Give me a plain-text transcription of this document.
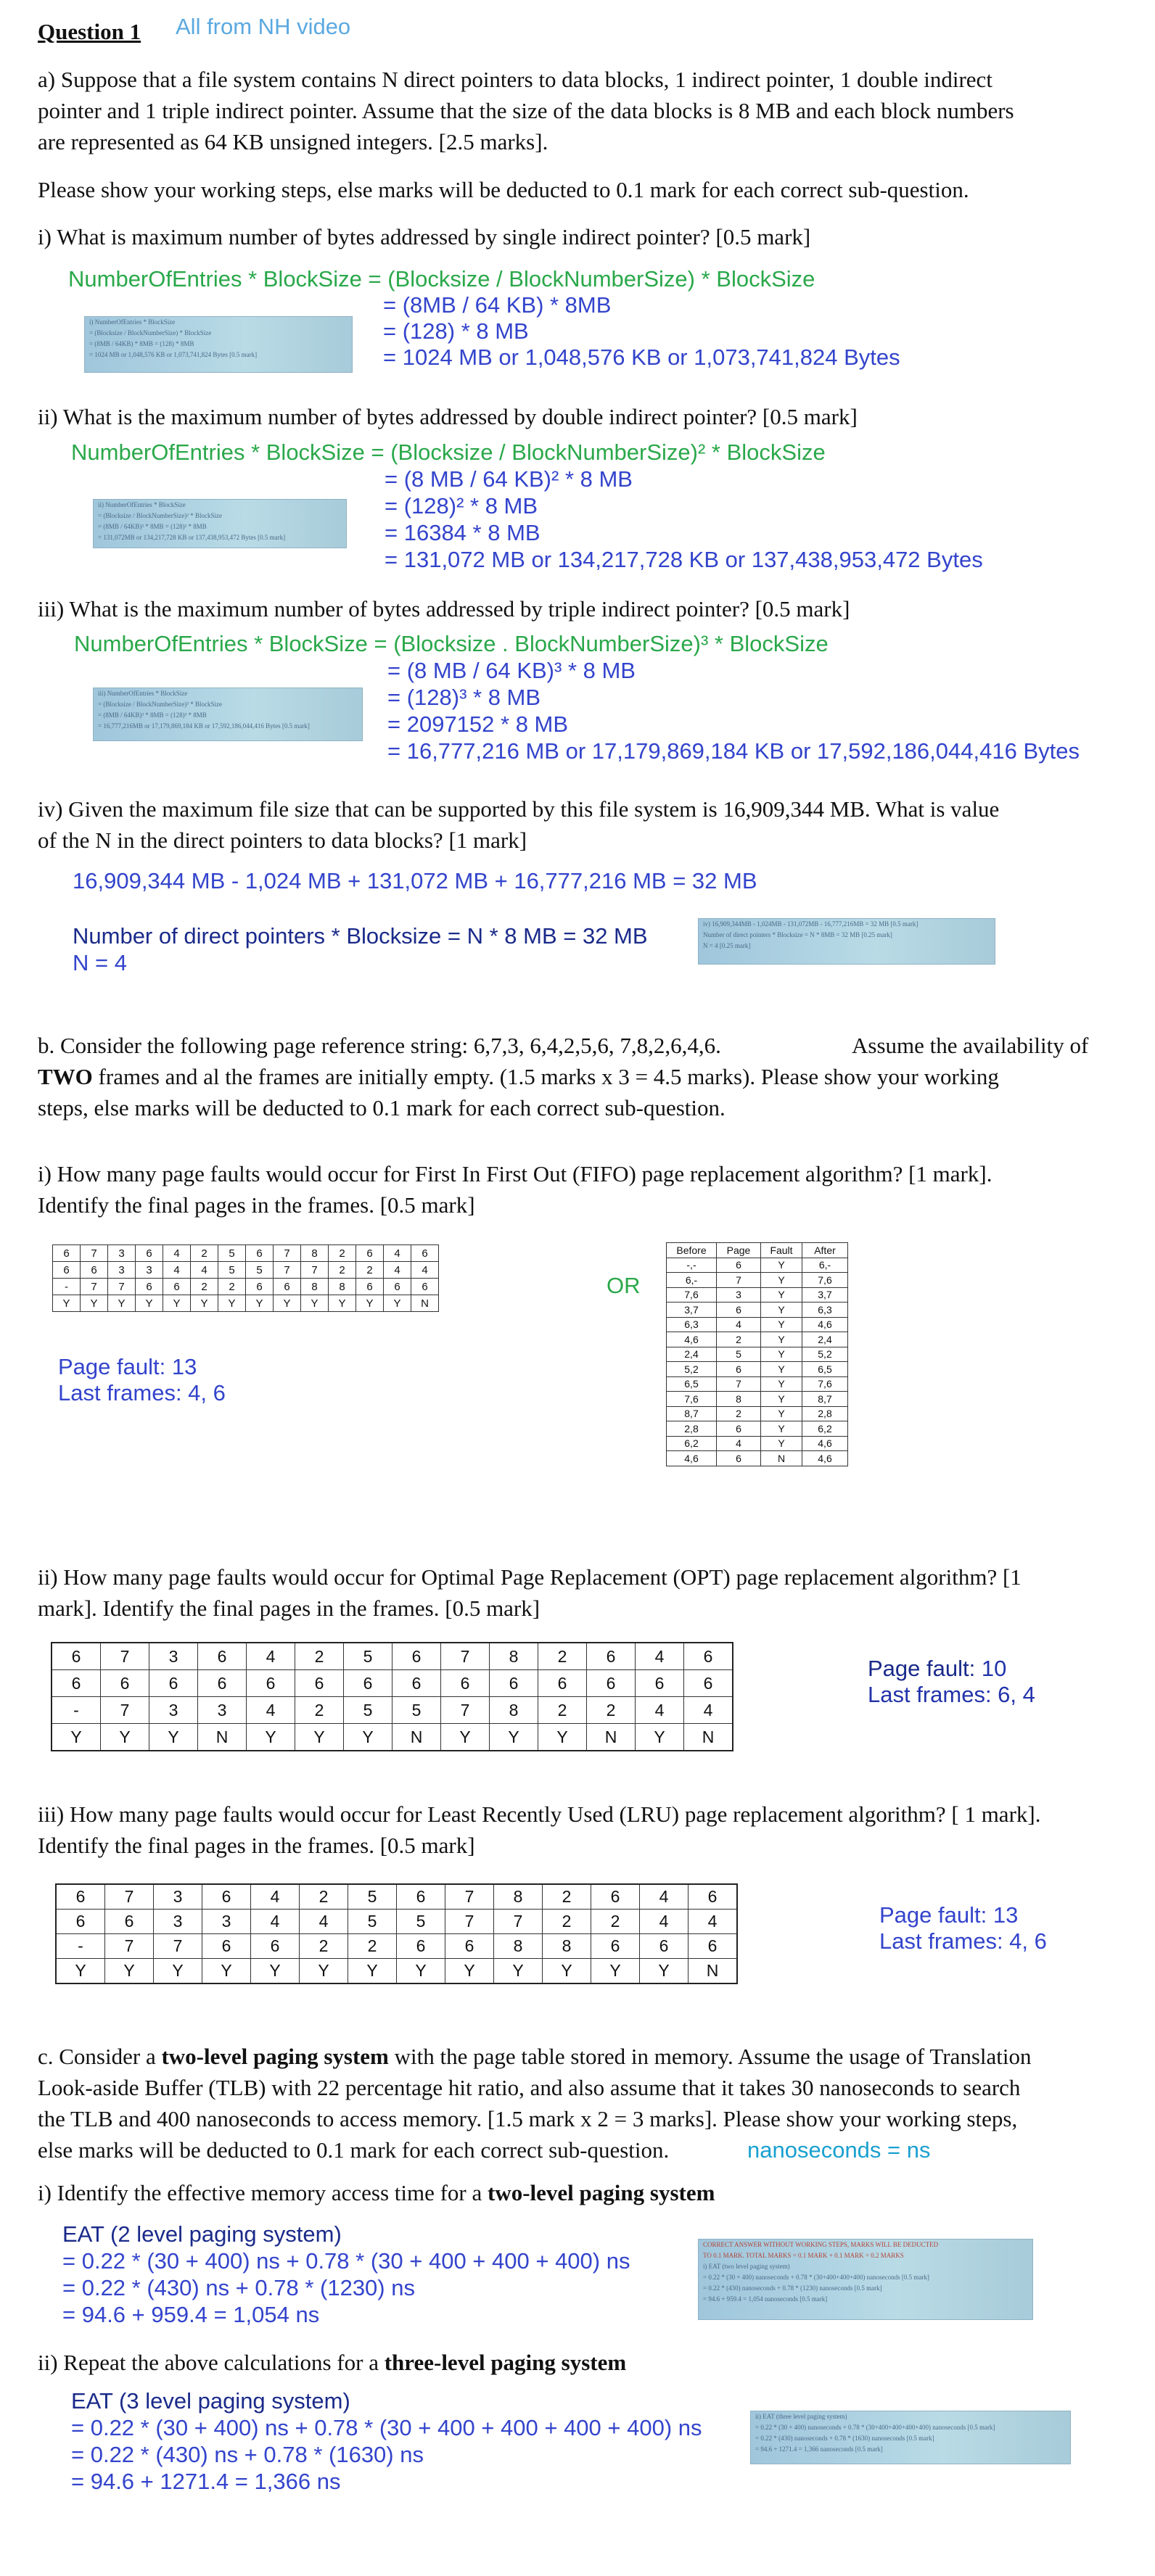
Question 1 All from NH video
a) Suppose that a file system contains N direct pointers to data blocks, 1 indirect pointer, 1 double indirect
pointer and 1 triple indirect pointer. Assume that the size of the data blocks is 8 MB and each block numbers
are represented as 64 KB unsigned integers. [2.5 marks].
Please show your working steps, else marks will be deducted to 0.1 mark for each correct sub-question.
i) What is maximum number of bytes addressed by single indirect pointer? [0.5 mark]
NumberOfEntries * BlockSize = (Blocksize / BlockNumberSize) * BlockSize
= (8MB / 64 KB) * 8MB
= (128) * 8 MB
= 1024 MB or 1,048,576 KB or 1,073,741,824 Bytes
i) NumberOfEntries * BlockSize
= (Blocksize / BlockNumberSize) * BlockSize
= (8MB / 64KB) * 8MB = (128) * 8MB
= 1024 MB or 1,048,576 KB or 1,073,741,824 Bytes [0.5 mark]
ii) What is the maximum number of bytes addressed by double indirect pointer? [0.5 mark]
NumberOfEntries * BlockSize = (Blocksize / BlockNumberSize)² * BlockSize
= (8 MB / 64 KB)² * 8 MB
= (128)² * 8 MB
= 16384 * 8 MB
= 131,072 MB or 134,217,728 KB or 137,438,953,472 Bytes
ii) NumberOfEntries * BlockSize
= (Blocksize / BlockNumberSize)² * BlockSize
= (8MB / 64KB)² * 8MB = (128)² * 8MB
= 131,072MB or 134,217,728 KB or 137,438,953,472 Bytes [0.5 mark]
iii) What is the maximum number of bytes addressed by triple indirect pointer? [0.5 mark]
NumberOfEntries * BlockSize = (Blocksize . BlockNumberSize)³ * BlockSize
= (8 MB / 64 KB)³ * 8 MB
= (128)³ * 8 MB
= 2097152 * 8 MB
= 16,777,216 MB or 17,179,869,184 KB or 17,592,186,044,416 Bytes
iii) NumberOfEntries * BlockSize
= (Blocksize / BlockNumberSize)³ * BlockSize
= (8MB / 64KB)³ * 8MB = (128)³ * 8MB
= 16,777,216MB or 17,179,869,184 KB or 17,592,186,044,416 Bytes [0.5 mark]
iv) Given the maximum file size that can be supported by this file system is 16,909,344 MB. What is value
of the N in the direct pointers to data blocks? [1 mark]
16,909,344 MB - 1,024 MB + 131,072 MB + 16,777,216 MB = 32 MB
Number of direct pointers * Blocksize = N * 8 MB = 32 MB
N = 4
iv) 16,909,344MB - 1,024MB - 131,072MB - 16,777,216MB = 32 MB [0.5 mark]
Number of direct pointers * Blocksize = N * 8MB = 32 MB [0.25 mark]
N = 4 [0.25 mark]
b. Consider the following page reference string: 6,7,3, 6,4,2,5,6, 7,8,2,6,4,6.	Assume the availability of
TWO frames and al the frames are initially empty. (1.5 marks x 3 = 4.5 marks). Please show your working
steps, else marks will be deducted to 0.1 mark for each correct sub-question.
i) How many page faults would occur for First In First Out (FIFO) page replacement algorithm? [1 mark].
Identify the final pages in the frames. [0.5 mark]
6	7	3	6	4	2	5	6	7	8	2	6	4	6
6	6	3	3	4	4	5	5	7	7	2	2	4	4
-	7	7	6	6	2	2	6	6	8	8	6	6	6
Y	Y	Y	Y	Y	Y	Y	Y	Y	Y	Y	Y	Y	N
OR
Before	Page	Fault	After
-,-	6	Y	6,-
6,-	7	Y	7,6
7,6	3	Y	3,7
3,7	6	Y	6,3
6,3	4	Y	4,6
4,6	2	Y	2,4
2,4	5	Y	5,2
5,2	6	Y	6,5
6,5	7	Y	7,6
7,6	8	Y	8,7
8,7	2	Y	2,8
2,8	6	Y	6,2
6,2	4	Y	4,6
4,6	6	N	4,6
Page fault: 13
Last frames: 4, 6
ii) How many page faults would occur for Optimal Page Replacement (OPT) page replacement algorithm? [1
mark]. Identify the final pages in the frames. [0.5 mark]
6	7	3	6	4	2	5	6	7	8	2	6	4	6
6	6	6	6	6	6	6	6	6	6	6	6	6	6
-	7	3	3	4	2	5	5	7	8	2	2	4	4
Y	Y	Y	N	Y	Y	Y	N	Y	Y	Y	N	Y	N
Page fault: 10
Last frames: 6, 4
iii) How many page faults would occur for Least Recently Used (LRU) page replacement algorithm? [ 1 mark].
Identify the final pages in the frames. [0.5 mark]
6	7	3	6	4	2	5	6	7	8	2	6	4	6
6	6	3	3	4	4	5	5	7	7	2	2	4	4
-	7	7	6	6	2	2	6	6	8	8	6	6	6
Y	Y	Y	Y	Y	Y	Y	Y	Y	Y	Y	Y	Y	N
Page fault: 13
Last frames: 4, 6
c. Consider a two-level paging system with the page table stored in memory. Assume the usage of Translation
Look-aside Buffer (TLB) with 22 percentage hit ratio, and also assume that it takes 30 nanoseconds to search
the TLB and 400 nanoseconds to access memory. [1.5 mark x 2 = 3 marks]. Please show your working steps,
else marks will be deducted to 0.1 mark for each correct sub-question.	nanoseconds = ns
i) Identify the effective memory access time for a two-level paging system
EAT (2 level paging system)
= 0.22 * (30 + 400) ns + 0.78 * (30 + 400 + 400 + 400) ns
= 0.22 * (430) ns + 0.78 * (1230) ns
= 94.6 + 959.4 = 1,054 ns
CORRECT ANSWER WITHOUT WORKING STEPS, MARKS WILL BE DEDUCTED
TO 0.1 MARK. TOTAL MARKS = 0.1 MARK + 0.1 MARK = 0.2 MARKS
i) EAT (two level paging system)
= 0.22 * (30 + 400) nanoseconds + 0.78 * (30+400+400+400) nanoseconds [0.5 mark]
= 0.22 * (430) nanoseconds + 0.78 * (1230) nanoseconds [0.5 mark]
= 94.6 + 959.4 = 1,054 nanoseconds [0.5 mark]
ii) Repeat the above calculations for a three-level paging system
EAT (3 level paging system)
= 0.22 * (30 + 400) ns + 0.78 * (30 + 400 + 400 + 400 + 400) ns
= 0.22 * (430) ns + 0.78 * (1630) ns
= 94.6 + 1271.4 = 1,366 ns
ii) EAT (three level paging system)
= 0.22 * (30 + 400) nanoseconds + 0.78 * (30+400+400+400+400) nanoseconds [0.5 mark]
= 0.22 * (430) nanoseconds + 0.78 * (1630) nanoseconds [0.5 mark]
= 94.6 + 1271.4 = 1,366 nanoseconds [0.5 mark]
